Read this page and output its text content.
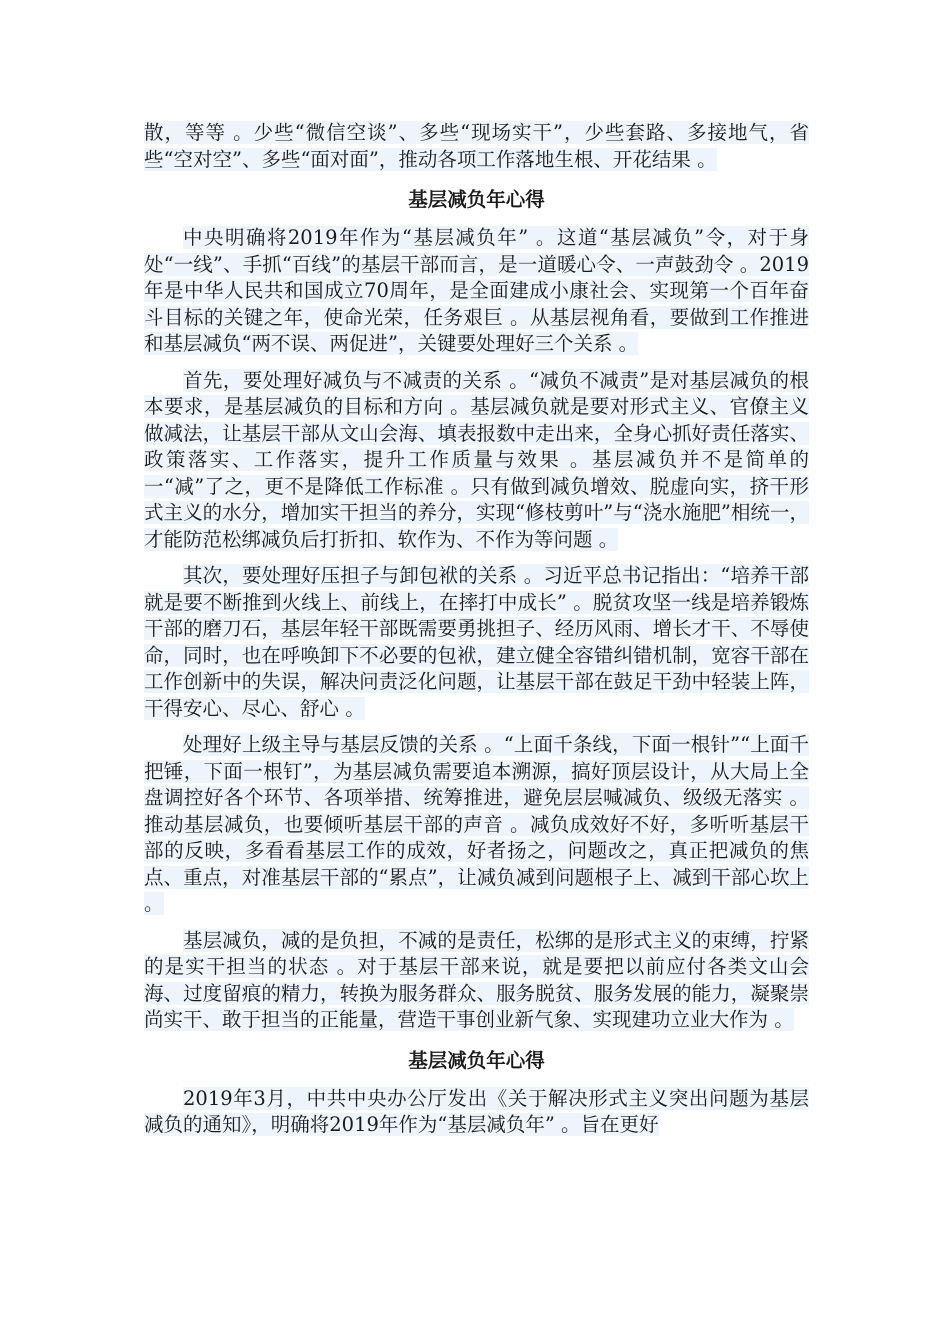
散，等等 。少些“微信空谈”、多些“现场实干”，少些套路、多接地气，省些“空对空”、多些“面对面”，推动各项工作落地生根、开花结果 。

基层减负年心得

中央明确将2019年作为“基层减负年” 。这道“基层减负”令，对于身处“一线”、手抓“百线”的基层干部而言，是一道暖心令、一声鼓劲令 。2019年是中华人民共和国成立70周年，是全面建成小康社会、实现第一个百年奋斗目标的关键之年，使命光荣，任务艰巨 。从基层视角看，要做到工作推进和基层减负“两不误、两促进”，关键要处理好三个关系 。

首先，要处理好减负与不减责的关系 。“减负不减责”是对基层减负的根本要求，是基层减负的目标和方向 。基层减负就是要对形式主义、官僚主义做减法，让基层干部从文山会海、填表报数中走出来，全身心抓好责任落实、政策落实、工作落实，提升工作质量与效果 。基层减负并不是简单的一“减”了之，更不是降低工作标准 。只有做到减负增效、脱虚向实，挤干形式主义的水分，增加实干担当的养分，实现“修枝剪叶”与“浇水施肥”相统一，才能防范松绑减负后打折扣、软作为、不作为等问题 。

其次，要处理好压担子与卸包袱的关系 。习近平总书记指出：“培养干部就是要不断推到火线上、前线上，在摔打中成长” 。脱贫攻坚一线是培养锻炼干部的磨刀石，基层年轻干部既需要勇挑担子、经历风雨、增长才干、不辱使命，同时，也在呼唤卸下不必要的包袱，建立健全容错纠错机制，宽容干部在工作创新中的失误，解决问责泛化问题，让基层干部在鼓足干劲中轻装上阵，干得安心、尽心、舒心 。

处理好上级主导与基层反馈的关系 。“上面千条线，下面一根针”“上面千把锤，下面一根钉”，为基层减负需要追本溯源，搞好顶层设计，从大局上全盘调控好各个环节、各项举措、统筹推进，避免层层喊减负、级级无落实 。推动基层减负，也要倾听基层干部的声音 。减负成效好不好，多听听基层干部的反映，多看看基层工作的成效，好者扬之，问题改之，真正把减负的焦点、重点，对准基层干部的“累点”，让减负减到问题根子上、减到干部心坎上 。

基层减负，减的是负担，不减的是责任，松绑的是形式主义的束缚，拧紧的是实干担当的状态 。对于基层干部来说，就是要把以前应付各类文山会海、过度留痕的精力，转换为服务群众、服务脱贫、服务发展的能力，凝聚崇尚实干、敢于担当的正能量，营造干事创业新气象、实现建功立业大作为 。

基层减负年心得

2019年3月，中共中央办公厅发出《关于解决形式主义突出问题为基层减负的通知》，明确将2019年作为“基层减负年” 。旨在更好
